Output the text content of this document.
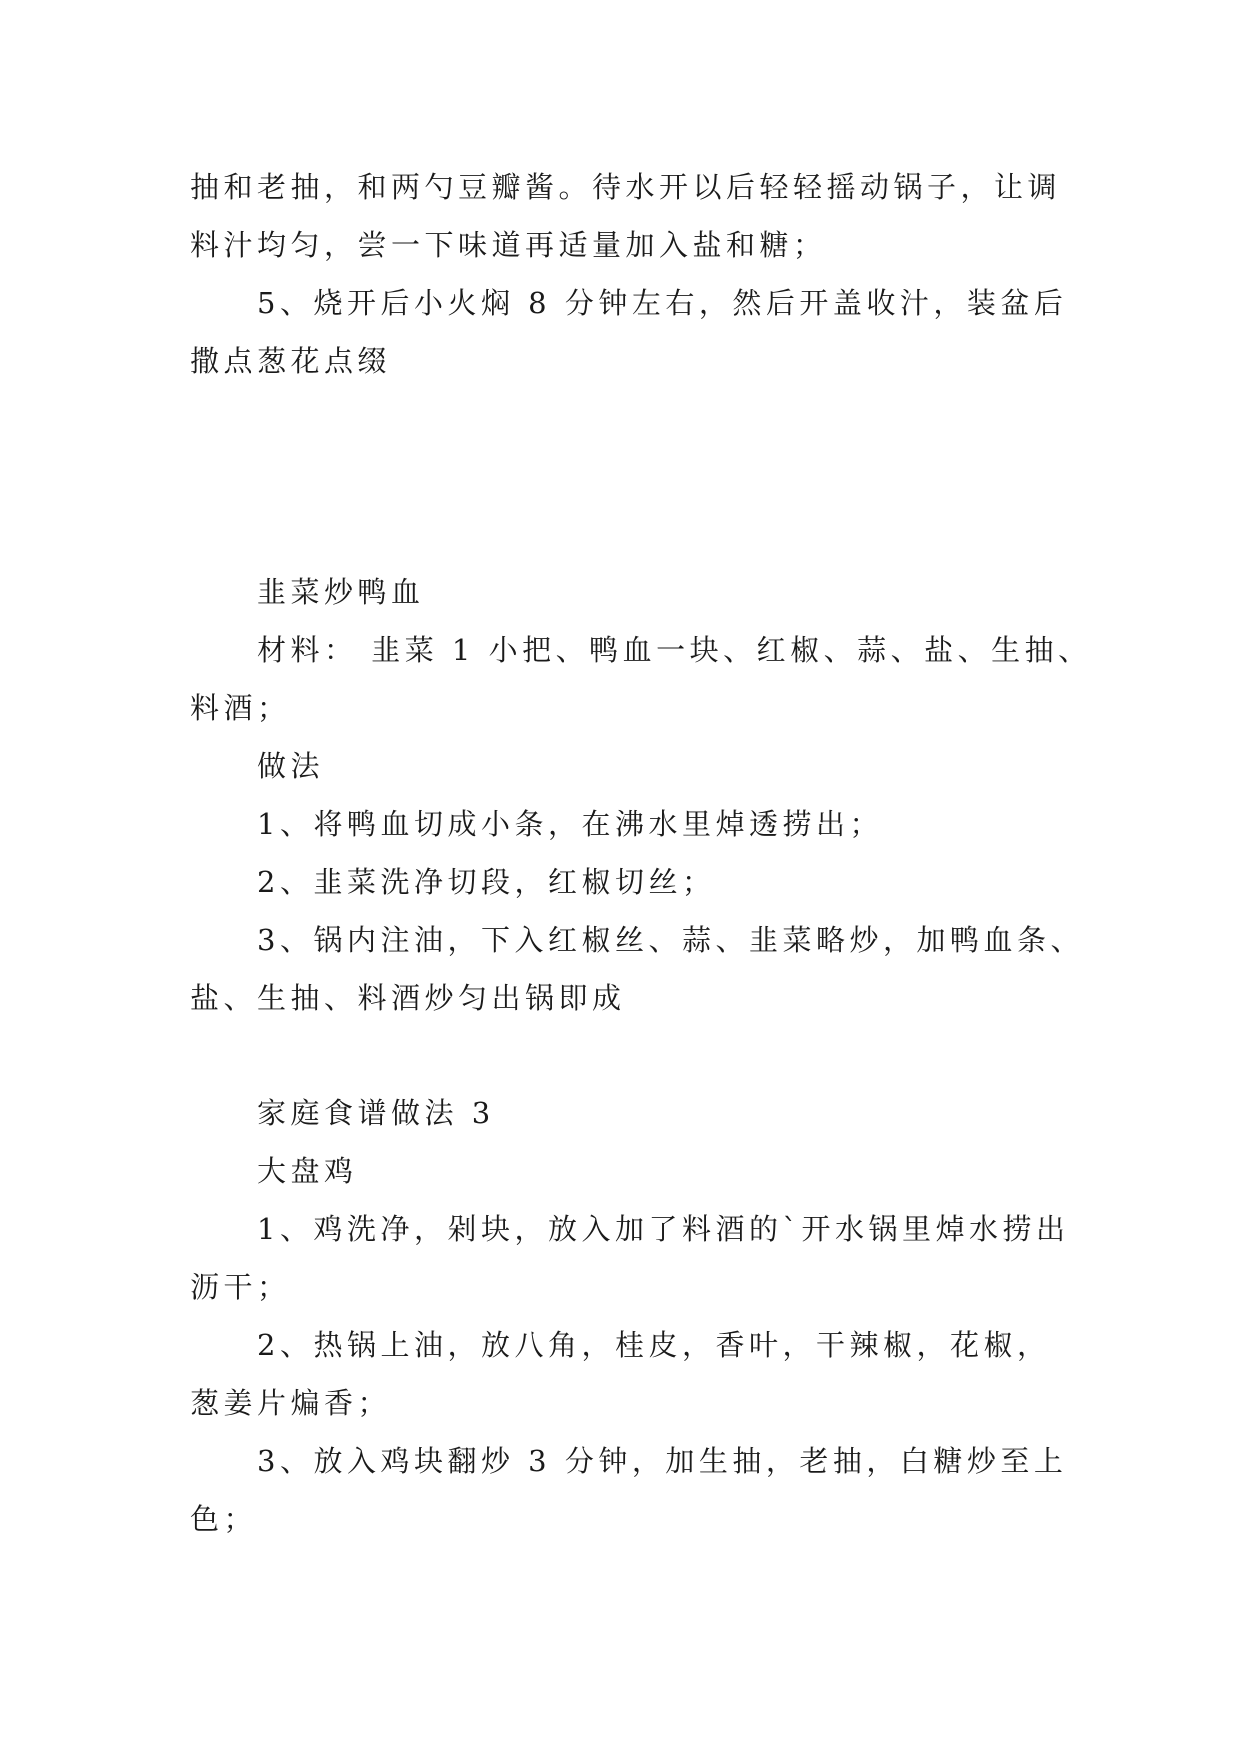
抽和老抽，和两勺豆瓣酱。待水开以后轻轻摇动锅子，让调
料汁均匀，尝一下味道再适量加入盐和糖；
5、烧开后小火焖 8 分钟左右，然后开盖收汁，装盆后
撒点葱花点缀
韭菜炒鸭血
材料： 韭菜 1 小把、鸭血一块、红椒、蒜、盐、生抽、
料酒；
做法
1、将鸭血切成小条，在沸水里焯透捞出；
2、韭菜洗净切段，红椒切丝；
3、锅内注油，下入红椒丝、蒜、韭菜略炒，加鸭血条、
盐、生抽、料酒炒匀出锅即成
家庭食谱做法 3
大盘鸡
1、鸡洗净，剁块，放入加了料酒的`开水锅里焯水捞出
沥干；
2、热锅上油，放八角，桂皮，香叶，干辣椒，花椒，
葱姜片煸香；
3、放入鸡块翻炒 3 分钟，加生抽，老抽，白糖炒至上
色；
